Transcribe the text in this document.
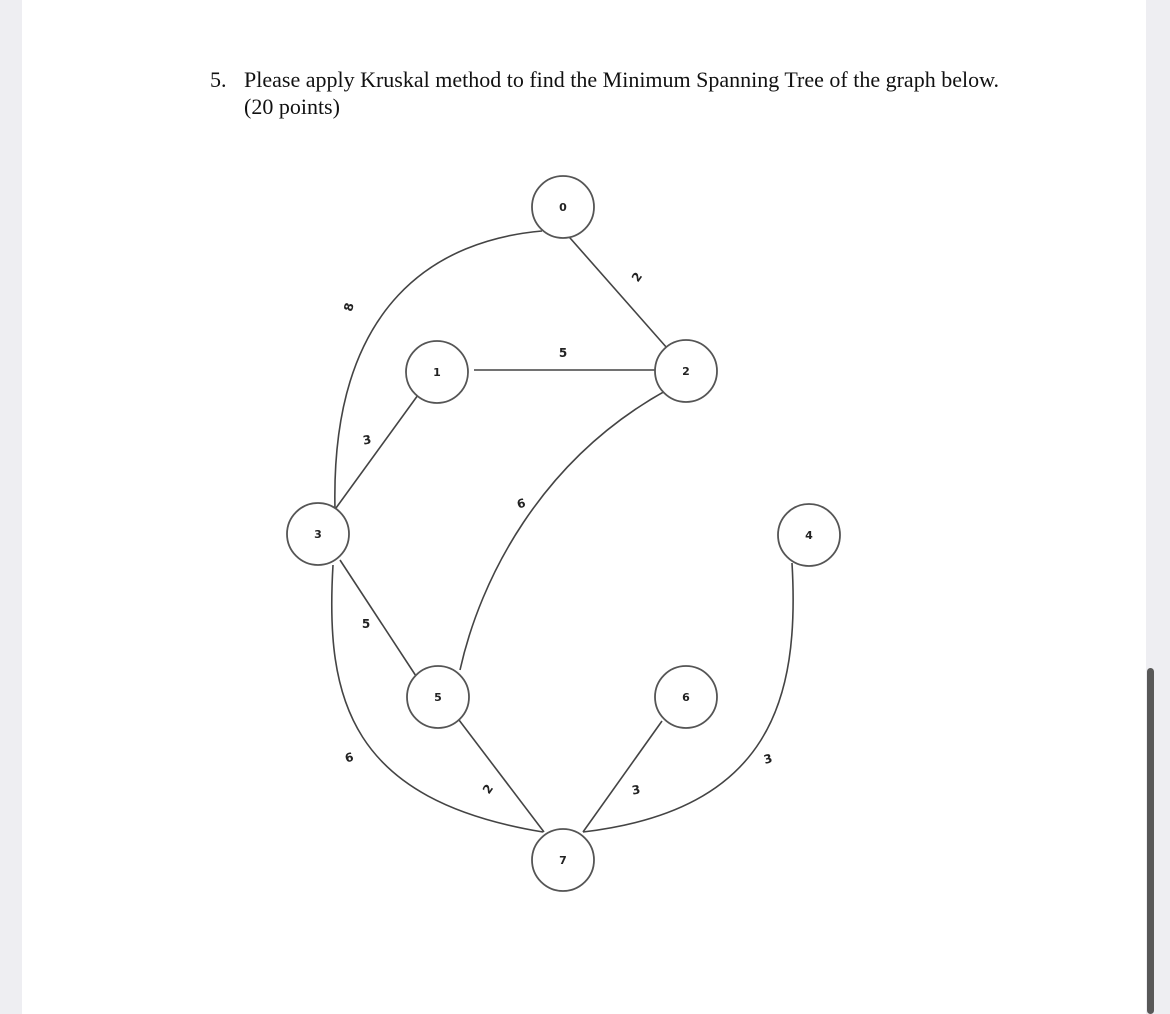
5. Please apply Kruskal method to find the Minimum Spanning Tree of the graph below.
(20 points)
0
1	2
3	4
5	6
7
2
8
5
3
9
5
9
2	3
3
